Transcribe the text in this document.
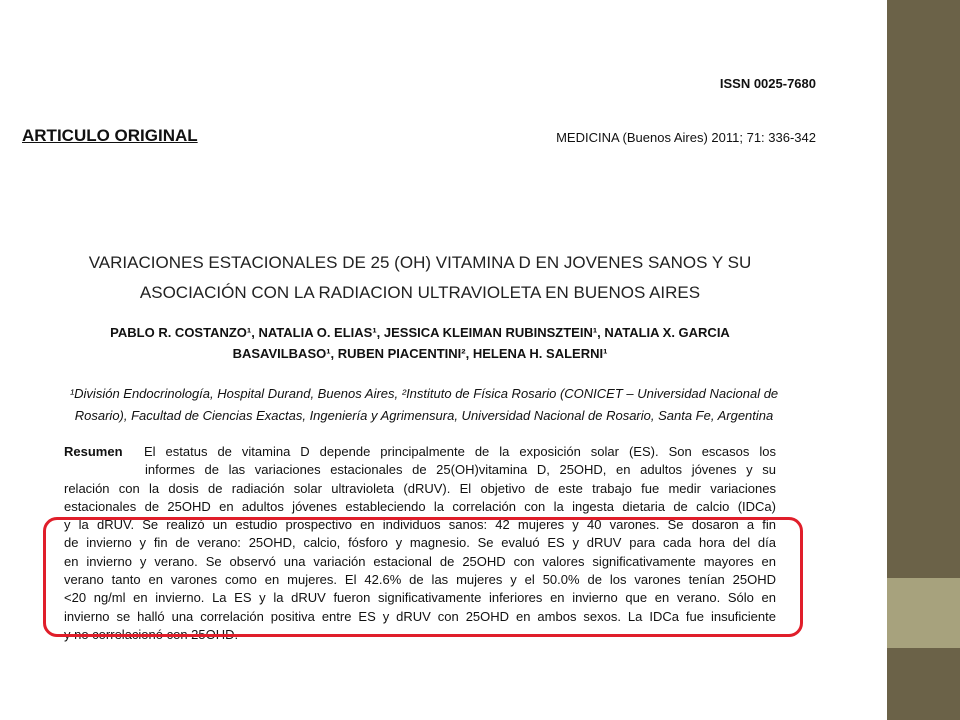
ISSN 0025-7680
ARTICULO ORIGINAL	MEDICINA (Buenos Aires) 2011; 71: 336-342
VARIACIONES ESTACIONALES DE 25 (OH) VITAMINA D EN JOVENES SANOS Y SU
ASOCIACIÓN CON LA RADIACION ULTRAVIOLETA EN BUENOS AIRES
PABLO R. COSTANZO¹, NATALIA O. ELIAS¹, JESSICA KLEIMAN RUBINSZTEIN¹, NATALIA X. GARCIA
BASAVILBASO¹, RUBEN PIACENTINI², HELENA H. SALERNI¹
¹División Endocrinología, Hospital Durand, Buenos Aires, ²Instituto de Física Rosario (CONICET – Universidad Nacional de
Rosario), Facultad de Ciencias Exactas, Ingeniería y Agrimensura, Universidad Nacional de Rosario, Santa Fe, Argentina
Resumen El estatus de vitamina D depende principalmente de la exposición solar (ES). Son escasos los
informes de las variaciones estacionales de 25(OH)vitamina D, 25OHD, en adultos jóvenes y su
relación con la dosis de radiación solar ultravioleta (dRUV). El objetivo de este trabajo fue medir variaciones
estacionales de 25OHD en adultos jóvenes estableciendo la correlación con la ingesta dietaria de calcio (IDCa)
y la dRUV. Se realizó un estudio prospectivo en individuos sanos: 42 mujeres y 40 varones. Se dosaron a fin
de invierno y fin de verano: 25OHD, calcio, fósforo y magnesio. Se evaluó ES y dRUV para cada hora del día
en invierno y verano. Se observó una variación estacional de 25OHD con valores significativamente mayores en
verano tanto en varones como en mujeres. El 42.6% de las mujeres y el 50.0% de los varones tenían 25OHD
<20 ng/ml en invierno. La ES y la dRUV fueron significativamente inferiores en invierno que en verano. Sólo en
invierno se halló una correlación positiva entre ES y dRUV con 25OHD en ambos sexos. La IDCa fue insuficiente
y no correlacionó con 25OHD.
